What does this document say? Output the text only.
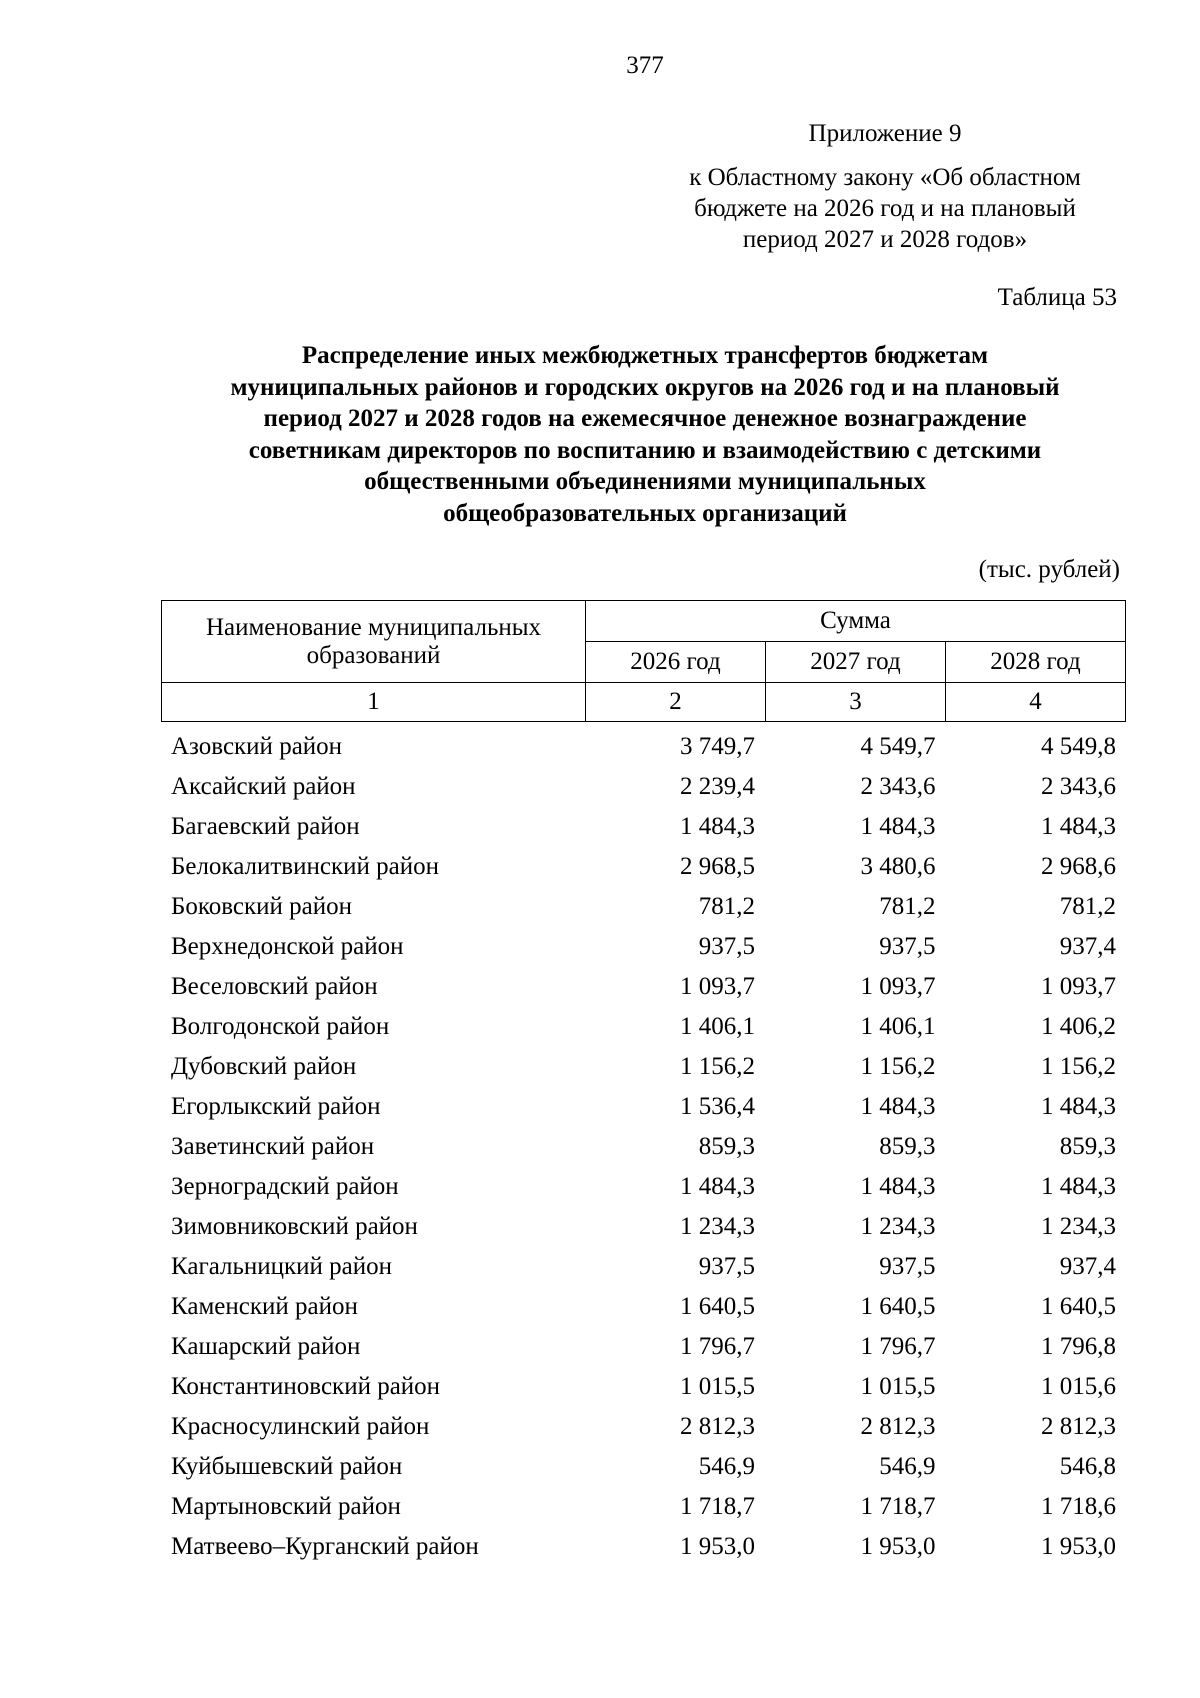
377
Приложение 9
к Областному закону «Об областном
бюджете на 2026 год и на плановый
период 2027 и 2028 годов»
Таблица 53
Распределение иных межбюджетных трансфертов бюджетам
муниципальных районов и городских округов на 2026 год и на плановый
период 2027 и 2028 годов на ежемесячное денежное вознаграждение
советникам директоров по воспитанию и взаимодействию с детскими
общественными объединениями муниципальных
общеобразовательных организаций
(тыс. рублей)
Наименование муниципальных
образований	Сумма		
	2026 год	2027 год	2028 год
1	2	3	4
Азовский район	3 749,7	4 549,7	4 549,8
Аксайский район	2 239,4	2 343,6	2 343,6
Багаевский район	1 484,3	1 484,3	1 484,3
Белокалитвинский район	2 968,5	3 480,6	2 968,6
Боковский район	781,2	781,2	781,2
Верхнедонской район	937,5	937,5	937,4
Веселовский район	1 093,7	1 093,7	1 093,7
Волгодонской район	1 406,1	1 406,1	1 406,2
Дубовский район	1 156,2	1 156,2	1 156,2
Егорлыкский район	1 536,4	1 484,3	1 484,3
Заветинский район	859,3	859,3	859,3
Зерноградский район	1 484,3	1 484,3	1 484,3
Зимовниковский район	1 234,3	1 234,3	1 234,3
Кагальницкий район	937,5	937,5	937,4
Каменский район	1 640,5	1 640,5	1 640,5
Кашарский район	1 796,7	1 796,7	1 796,8
Константиновский район	1 015,5	1 015,5	1 015,6
Красносулинский район	2 812,3	2 812,3	2 812,3
Куйбышевский район	546,9	546,9	546,8
Мартыновский район	1 718,7	1 718,7	1 718,6
Матвеево–Курганский район	1 953,0	1 953,0	1 953,0
